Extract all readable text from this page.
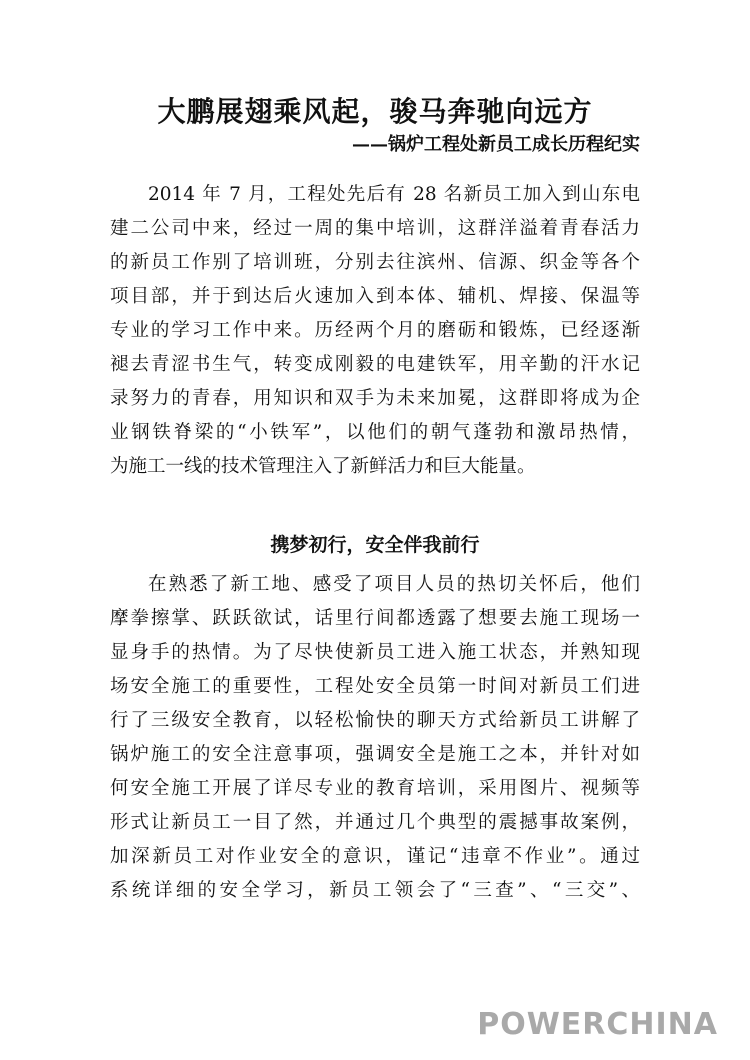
大鹏展翅乘风起，骏马奔驰向远方
——锅炉工程处新员工成长历程纪实
2014 年 7 月，工程处先后有 28 名新员工加入到山东电
建二公司中来，经过一周的集中培训，这群洋溢着青春活力
的新员工作别了培训班，分别去往滨州、信源、织金等各个
项目部，并于到达后火速加入到本体、辅机、焊接、保温等
专业的学习工作中来。历经两个月的磨砺和锻炼，已经逐渐
褪去青涩书生气，转变成刚毅的电建铁军，用辛勤的汗水记
录努力的青春，用知识和双手为未来加冕，这群即将成为企
业钢铁脊梁的“小铁军”，以他们的朝气蓬勃和激昂热情，
为施工一线的技术管理注入了新鲜活力和巨大能量。
携梦初行，安全伴我前行
在熟悉了新工地、感受了项目人员的热切关怀后，他们
摩拳擦掌、跃跃欲试，话里行间都透露了想要去施工现场一
显身手的热情。为了尽快使新员工进入施工状态，并熟知现
场安全施工的重要性，工程处安全员第一时间对新员工们进
行了三级安全教育，以轻松愉快的聊天方式给新员工讲解了
锅炉施工的安全注意事项，强调安全是施工之本，并针对如
何安全施工开展了详尽专业的教育培训，采用图片、视频等
形式让新员工一目了然，并通过几个典型的震撼事故案例，
加深新员工对作业安全的意识，谨记“违章不作业”。通过
系统详细的安全学习，新员工领会了“三查”、“三交”、
POWERCHINA
